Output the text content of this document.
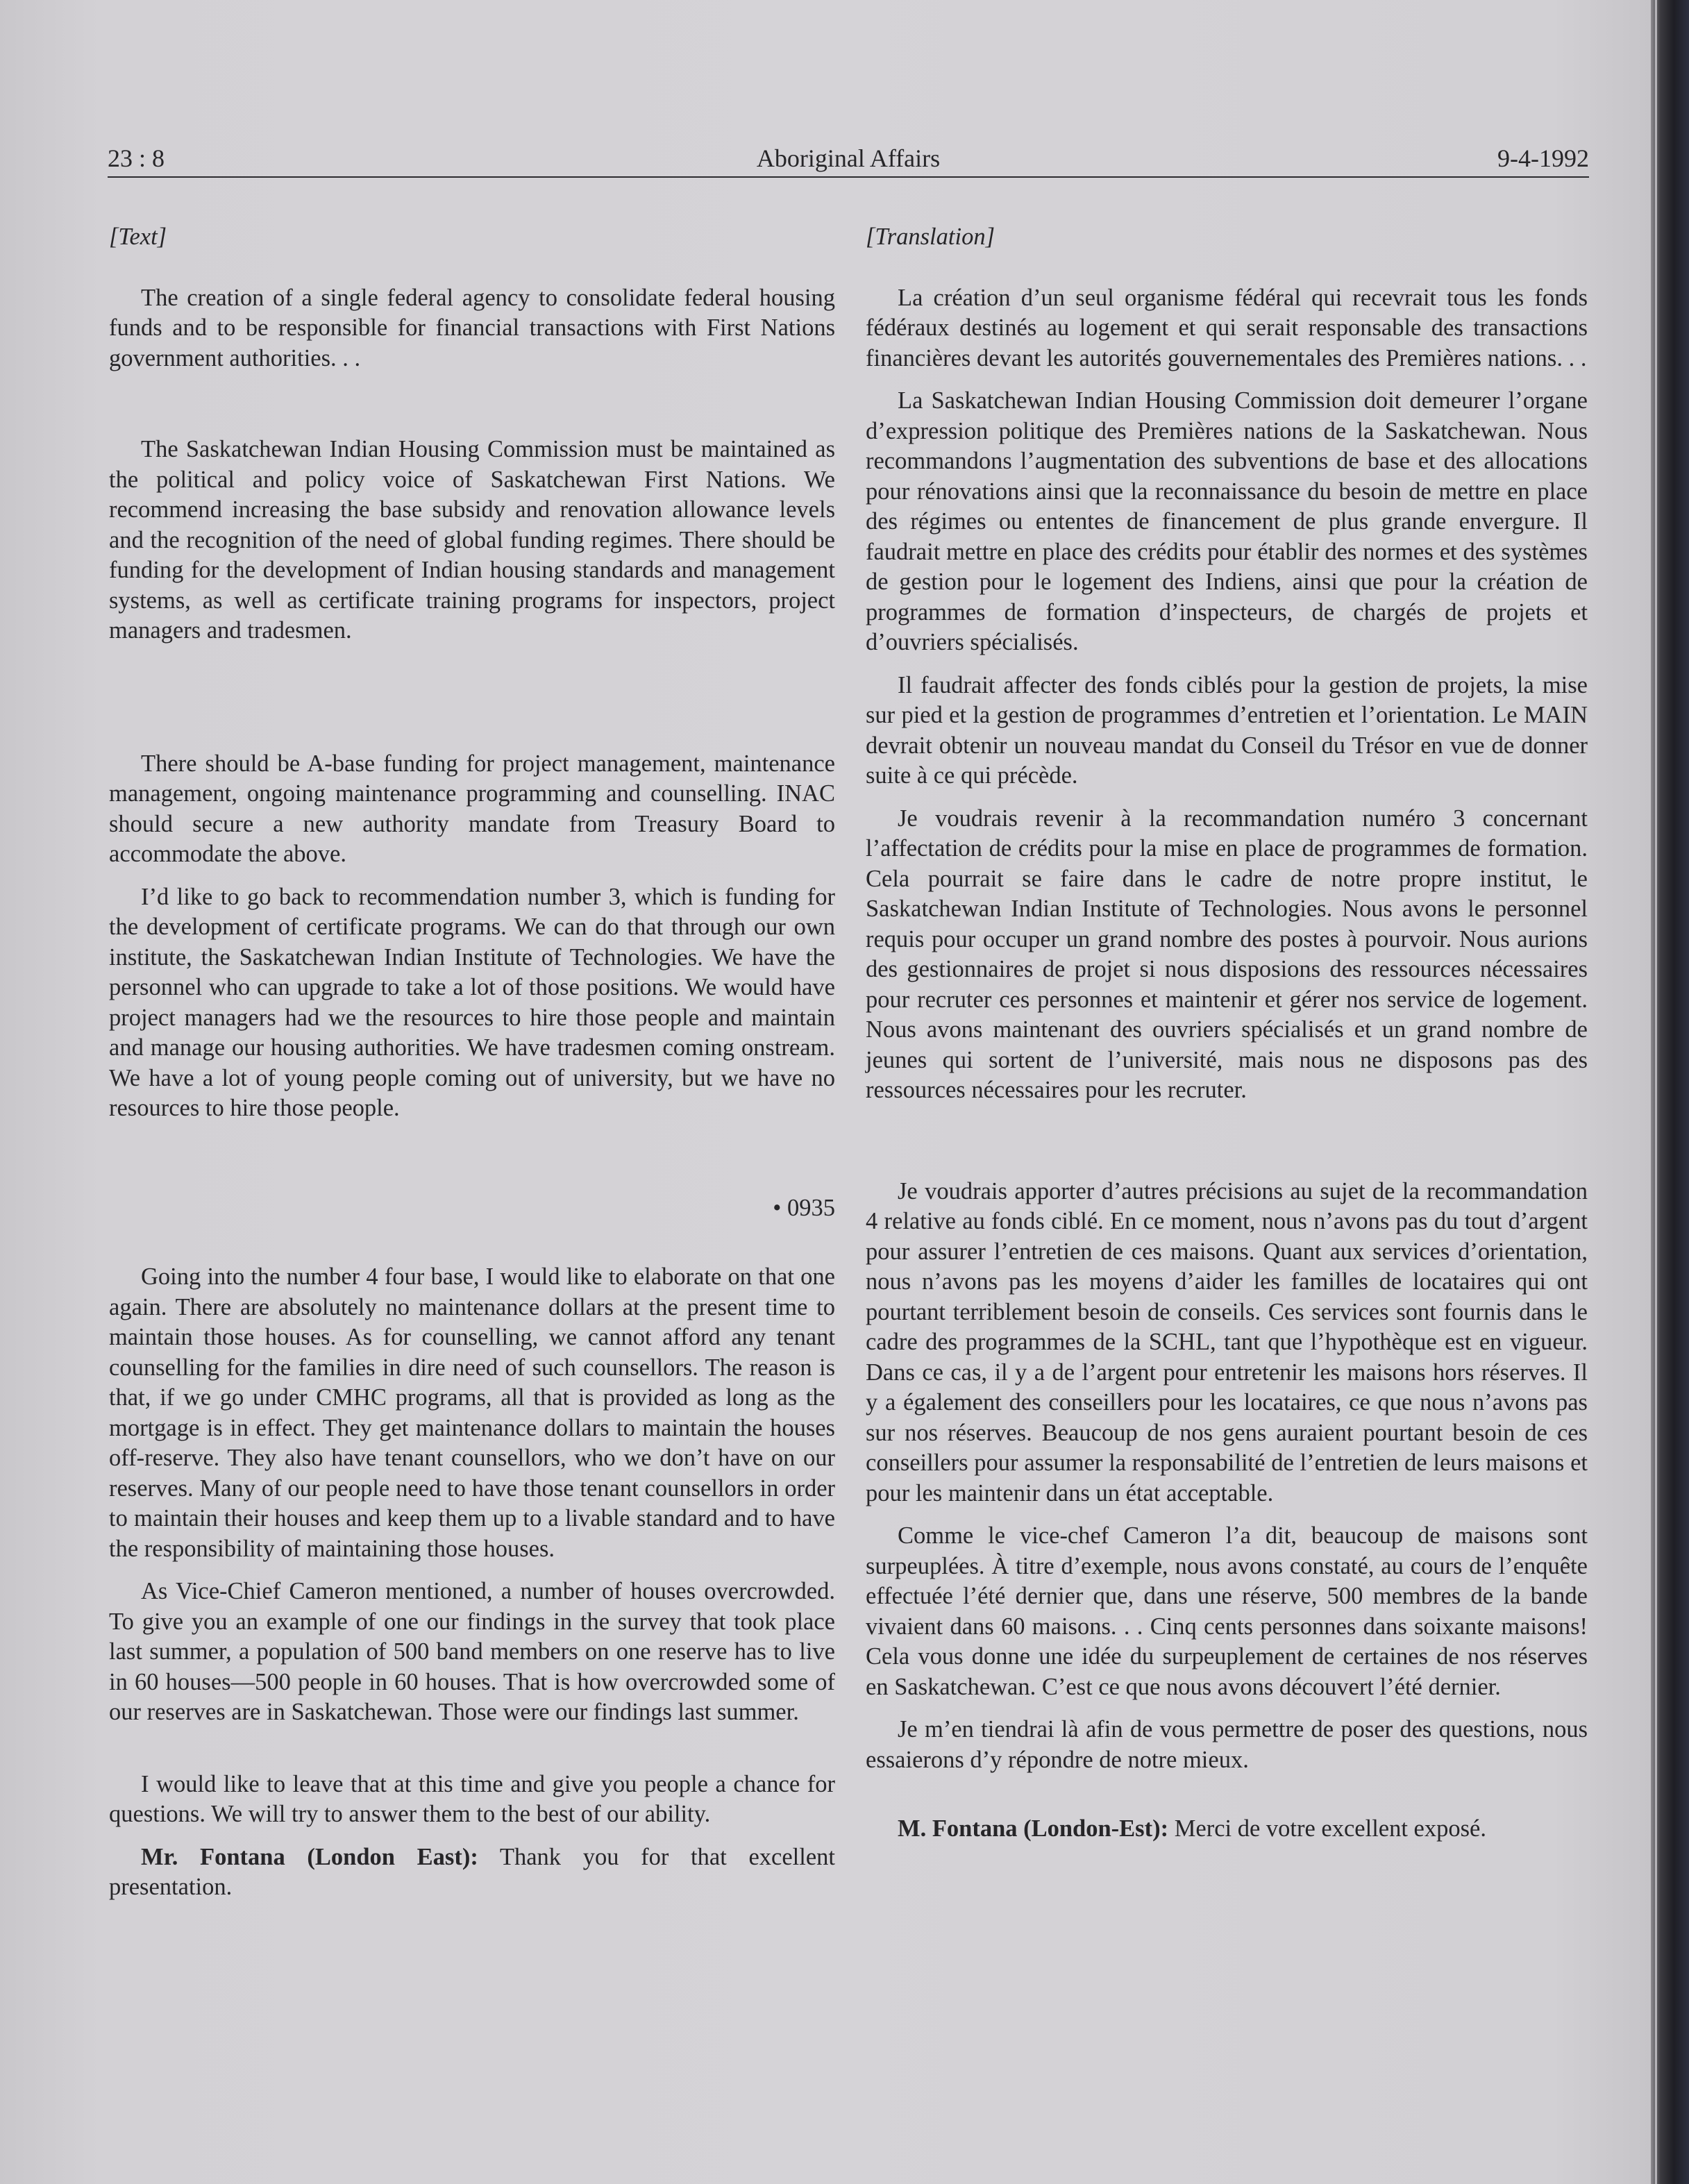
Aboriginal Affairs
23 : 8	9-4-1992
[Text]

The creation of a single federal agency to consolidate federal housing funds and to be responsible for financial transactions with First Nations government authorities. . .

The Saskatchewan Indian Housing Commission must be maintained as the political and policy voice of Saskatchewan First Nations. We recommend increasing the base subsidy and renovation allowance levels and the recognition of the need of global funding regimes. There should be funding for the development of Indian housing standards and management systems, as well as certificate training programs for inspectors, project managers and tradesmen.

There should be A-base funding for project management, maintenance management, ongoing maintenance programming and counselling. INAC should secure a new authority mandate from Treasury Board to accommodate the above.

I’d like to go back to recommendation number 3, which is funding for the development of certificate programs. We can do that through our own institute, the Saskatchewan Indian Institute of Technologies. We have the personnel who can upgrade to take a lot of those positions. We would have project managers had we the resources to hire those people and maintain and manage our housing authorities. We have tradesmen coming onstream. We have a lot of young people coming out of university, but we have no resources to hire those people.

• 0935

Going into the number 4 four base, I would like to elaborate on that one again. There are absolutely no maintenance dollars at the present time to maintain those houses. As for counselling, we cannot afford any tenant counselling for the families in dire need of such counsellors. The reason is that, if we go under CMHC programs, all that is provided as long as the mortgage is in effect. They get maintenance dollars to maintain the houses off-reserve. They also have tenant counsellors, who we don’t have on our reserves. Many of our people need to have those tenant counsellors in order to maintain their houses and keep them up to a livable standard and to have the responsibility of maintaining those houses.

As Vice-Chief Cameron mentioned, a number of houses overcrowded. To give you an example of one our findings in the survey that took place last summer, a population of 500 band members on one reserve has to live in 60 houses—500 people in 60 houses. That is how overcrowded some of our reserves are in Saskatchewan. Those were our findings last summer.

I would like to leave that at this time and give you people a chance for questions. We will try to answer them to the best of our ability.

Mr. Fontana (London East): Thank you for that excellent presentation.

[Translation]

La création d’un seul organisme fédéral qui recevrait tous les fonds fédéraux destinés au logement et qui serait responsable des transactions financières devant les autorités gouvernementales des Premières nations. . .

La Saskatchewan Indian Housing Commission doit demeurer l’organe d’expression politique des Premières nations de la Saskatchewan. Nous recommandons l’augmentation des subventions de base et des allocations pour rénovations ainsi que la reconnaissance du besoin de mettre en place des régimes ou ententes de financement de plus grande envergure. Il faudrait mettre en place des crédits pour établir des normes et des systèmes de gestion pour le logement des Indiens, ainsi que pour la création de programmes de formation d’inspecteurs, de chargés de projets et d’ouvriers spécialisés.

Il faudrait affecter des fonds ciblés pour la gestion de projets, la mise sur pied et la gestion de programmes d’entretien et l’orientation. Le MAIN devrait obtenir un nouveau mandat du Conseil du Trésor en vue de donner suite à ce qui précède.

Je voudrais revenir à la recommandation numéro 3 concernant l’affectation de crédits pour la mise en place de programmes de formation. Cela pourrait se faire dans le cadre de notre propre institut, le Saskatchewan Indian Institute of Technologies. Nous avons le personnel requis pour occuper un grand nombre des postes à pourvoir. Nous aurions des gestionnaires de projet si nous disposions des ressources nécessaires pour recruter ces personnes et maintenir et gérer nos service de logement. Nous avons maintenant des ouvriers spécialisés et un grand nombre de jeunes qui sortent de l’université, mais nous ne disposons pas des ressources nécessaires pour les recruter.

Je voudrais apporter d’autres précisions au sujet de la recommandation 4 relative au fonds ciblé. En ce moment, nous n’avons pas du tout d’argent pour assurer l’entretien de ces maisons. Quant aux services d’orientation, nous n’avons pas les moyens d’aider les familles de locataires qui ont pourtant terriblement besoin de conseils. Ces services sont fournis dans le cadre des programmes de la SCHL, tant que l’hypothèque est en vigueur. Dans ce cas, il y a de l’argent pour entretenir les maisons hors réserves. Il y a également des conseillers pour les locataires, ce que nous n’avons pas sur nos réserves. Beaucoup de nos gens auraient pourtant besoin de ces conseillers pour assumer la responsabilité de l’entretien de leurs maisons et pour les maintenir dans un état acceptable.

Comme le vice-chef Cameron l’a dit, beaucoup de maisons sont surpeuplées. À titre d’exemple, nous avons constaté, au cours de l’enquête effectuée l’été dernier que, dans une réserve, 500 membres de la bande vivaient dans 60 maisons. . . Cinq cents personnes dans soixante maisons! Cela vous donne une idée du surpeuplement de certaines de nos réserves en Saskatchewan. C’est ce que nous avons découvert l’été dernier.

Je m’en tiendrai là afin de vous permettre de poser des questions, nous essaierons d’y répondre de notre mieux.

M. Fontana (London-Est): Merci de votre excellent exposé.
